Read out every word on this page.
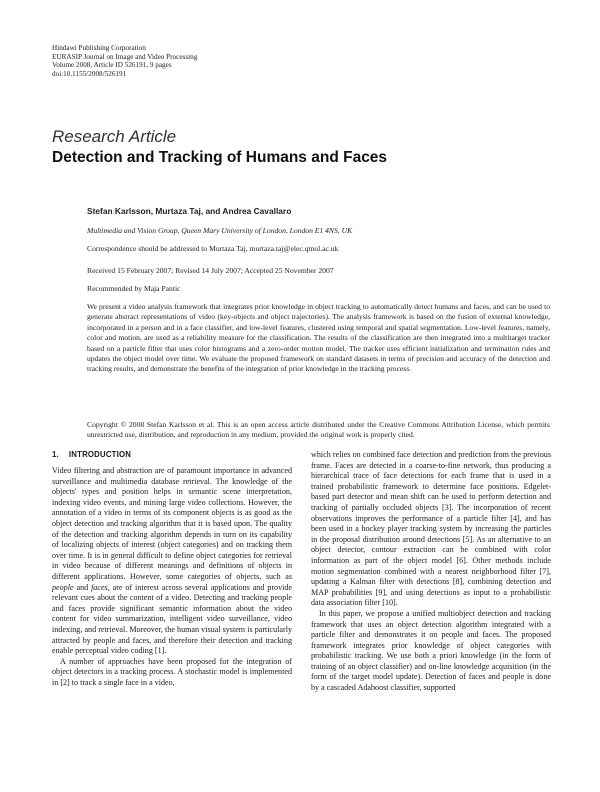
Hindawi Publishing Corporation
EURASIP Journal on Image and Video Processing
Volume 2008, Article ID 526191, 9 pages
doi:10.1155/2008/526191
Research Article
Detection and Tracking of Humans and Faces
Stefan Karlsson, Murtaza Taj, and Andrea Cavallaro
Multimedia and Vision Group, Queen Mary University of London, London E1 4NS, UK
Correspondence should be addressed to Murtaza Taj, murtaza.taj@elec.qmul.ac.uk
Received 15 February 2007; Revised 14 July 2007; Accepted 25 November 2007
Recommended by Maja Pantic
We present a video analysis framework that integrates prior knowledge in object tracking to automatically detect humans and faces, and can be used to generate abstract representations of video (key-objects and object trajectories). The analysis framework is based on the fusion of external knowledge, incorporated in a person and in a face classifier, and low-level features, clustered using temporal and spatial segmentation. Low-level features, namely, color and motion, are used as a reliability measure for the classification. The results of the classification are then integrated into a multitarget tracker based on a particle filter that uses color histograms and a zero-order motion model. The tracker uses efficient initialization and termination rules and updates the object model over time. We evaluate the proposed framework on standard datasets in terms of precision and accuracy of the detection and tracking results, and demonstrate the benefits of the integration of prior knowledge in the tracking process.
Copyright © 2008 Stefan Karlsson et al. This is an open access article distributed under the Creative Commons Attribution License, which permits unrestricted use, distribution, and reproduction in any medium, provided the original work is properly cited.
1. INTRODUCTION

Video filtering and abstraction are of paramount importance in advanced surveillance and multimedia database retrieval. The knowledge of the objects' types and position helps in semantic scene interpretation, indexing video events, and mining large video collections. However, the annotation of a video in terms of its component objects is as good as the object detection and tracking algorithm that it is based upon. The quality of the detection and tracking algorithm depends in turn on its capability of localizing objects of interest (object categories) and on tracking them over time. It is in general difficult to define object categories for retrieval in video because of different meanings and definitions of objects in different applications. However, some categories of objects, such as people and faces, are of interest across several applications and provide relevant cues about the content of a video. Detecting and tracking people and faces provide significant semantic information about the video content for video summarization, intelligent video surveillance, video indexing, and retrieval. Moreover, the human visual system is particularly attracted by people and faces, and therefore their detection and tracking enable perceptual video coding [1].

A number of approaches have been proposed for the integration of object detectors in a tracking process. A stochastic model is implemented in [2] to track a single face in a video,

which relies on combined face detection and prediction from the previous frame. Faces are detected in a coarse-to-fine network, thus producing a hierarchical trace of face detections for each frame that is used in a trained probabilistic framework to determine face positions. Edgelet-based part detector and mean shift can be used to perform detection and tracking of partially occluded objects [3]. The incorporation of recent observations improves the performance of a particle filter [4], and has been used in a hockey player tracking system by increasing the particles in the proposal distribution around detections [5]. As an alternative to an object detector, contour extraction can be combined with color information as part of the object model [6]. Other methods include motion segmentation combined with a nearest neighborhood filter [7], updating a Kalman filter with detections [8], combining detection and MAP probabilities [9], and using detections as input to a probabilistic data association filter [10].

In this paper, we propose a unified multiobject detection and tracking framework that uses an object detection algorithm integrated with a particle filter and demonstrates it on people and faces. The proposed framework integrates prior knowledge of object categories with probabilistic tracking. We use both a priori knowledge (in the form of training of an object classifier) and on-line knowledge acquisition (in the form of the target model update). Detection of faces and people is done by a cascaded Adaboost classifier, supported
